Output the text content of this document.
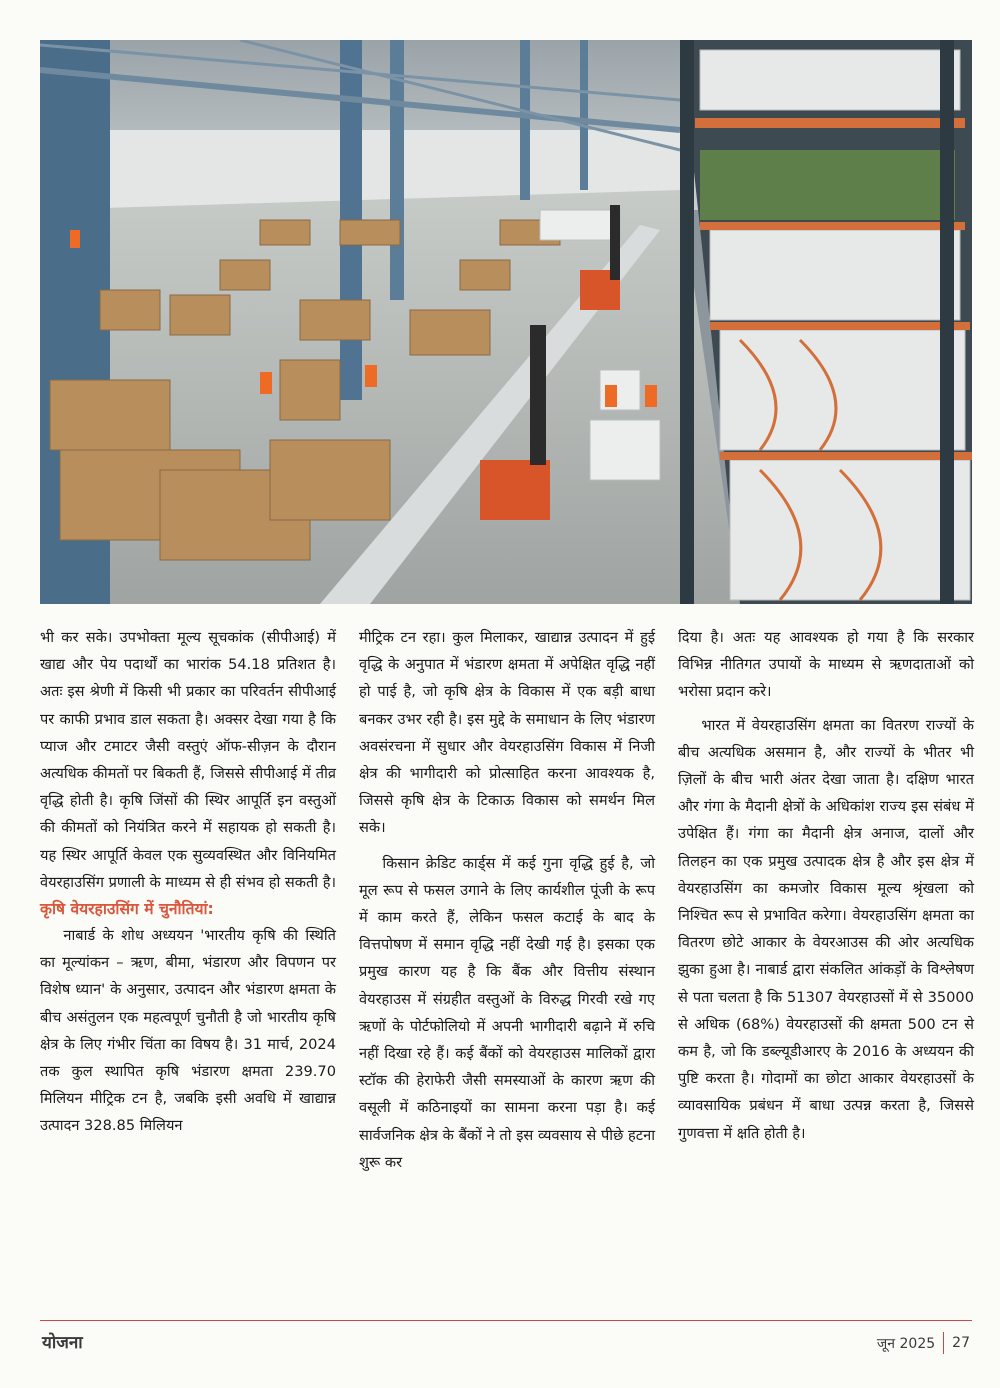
भी कर सके। उपभोक्ता मूल्य सूचकांक (सीपीआई) में खाद्य और पेय पदार्थों का भारांक 54.18 प्रतिशत है। अतः इस श्रेणी में किसी भी प्रकार का परिवर्तन सीपीआई पर काफी प्रभाव डाल सकता है। अक्सर देखा गया है कि प्याज और टमाटर जैसी वस्तुएं ऑफ-सीज़न के दौरान अत्यधिक कीमतों पर बिकती हैं, जिससे सीपीआई में तीव्र वृद्धि होती है। कृषि जिंसों की स्थिर आपूर्ति इन वस्तुओं की कीमतों को नियंत्रित करने में सहायक हो सकती है। यह स्थिर आपूर्ति केवल एक सुव्यवस्थित और विनियमित वेयरहाउसिंग प्रणाली के माध्यम से ही संभव हो सकती है।

कृषि वेयरहाउसिंग में चुनौतियां:

नाबार्ड के शोध अध्ययन 'भारतीय कृषि की स्थिति का मूल्यांकन – ऋण, बीमा, भंडारण और विपणन पर विशेष ध्यान' के अनुसार, उत्पादन और भंडारण क्षमता के बीच असंतुलन एक महत्वपूर्ण चुनौती है जो भारतीय कृषि क्षेत्र के लिए गंभीर चिंता का विषय है। 31 मार्च, 2024 तक कुल स्थापित कृषि भंडारण क्षमता 239.70 मिलियन मीट्रिक टन है, जबकि इसी अवधि में खाद्यान्न उत्पादन 328.85 मिलियन

मीट्रिक टन रहा। कुल मिलाकर, खाद्यान्न उत्पादन में हुई वृद्धि के अनुपात में भंडारण क्षमता में अपेक्षित वृद्धि नहीं हो पाई है, जो कृषि क्षेत्र के विकास में एक बड़ी बाधा बनकर उभर रही है। इस मुद्दे के समाधान के लिए भंडारण अवसंरचना में सुधार और वेयरहाउसिंग विकास में निजी क्षेत्र की भागीदारी को प्रोत्साहित करना आवश्यक है, जिससे कृषि क्षेत्र के टिकाऊ विकास को समर्थन मिल सके।

किसान क्रेडिट कार्ड्स में कई गुना वृद्धि हुई है, जो मूल रूप से फसल उगाने के लिए कार्यशील पूंजी के रूप में काम करते हैं, लेकिन फसल कटाई के बाद के वित्तपोषण में समान वृद्धि नहीं देखी गई है। इसका एक प्रमुख कारण यह है कि बैंक और वित्तीय संस्थान वेयरहाउस में संग्रहीत वस्तुओं के विरुद्ध गिरवी रखे गए ऋणों के पोर्टफोलियो में अपनी भागीदारी बढ़ाने में रुचि नहीं दिखा रहे हैं। कई बैंकों को वेयरहाउस मालिकों द्वारा स्टॉक की हेराफेरी जैसी समस्याओं के कारण ऋण की वसूली में कठिनाइयों का सामना करना पड़ा है। कई सार्वजनिक क्षेत्र के बैंकों ने तो इस व्यवसाय से पीछे हटना शुरू कर

दिया है। अतः यह आवश्यक हो गया है कि सरकार विभिन्न नीतिगत उपायों के माध्यम से ऋणदाताओं को भरोसा प्रदान करे।

भारत में वेयरहाउसिंग क्षमता का वितरण राज्यों के बीच अत्यधिक असमान है, और राज्यों के भीतर भी ज़िलों के बीच भारी अंतर देखा जाता है। दक्षिण भारत और गंगा के मैदानी क्षेत्रों के अधिकांश राज्य इस संबंध में उपेक्षित हैं। गंगा का मैदानी क्षेत्र अनाज, दालों और तिलहन का एक प्रमुख उत्पादक क्षेत्र है और इस क्षेत्र में वेयरहाउसिंग का कमजोर विकास मूल्य श्रृंखला को निश्चित रूप से प्रभावित करेगा। वेयरहाउसिंग क्षमता का वितरण छोटे आकार के वेयरआउस की ओर अत्यधिक झुका हुआ है। नाबार्ड द्वारा संकलित आंकड़ों के विश्लेषण से पता चलता है कि 51307 वेयरहाउसों में से 35000 से अधिक (68%) वेयरहाउसों की क्षमता 500 टन से कम है, जो कि डब्ल्यूडीआरए के 2016 के अध्ययन की पुष्टि करता है। गोदामों का छोटा आकार वेयरहाउसों के व्यावसायिक प्रबंधन में बाधा उत्पन्न करता है, जिससे गुणवत्ता में क्षति होती है।

योजना	जून 2025 27
